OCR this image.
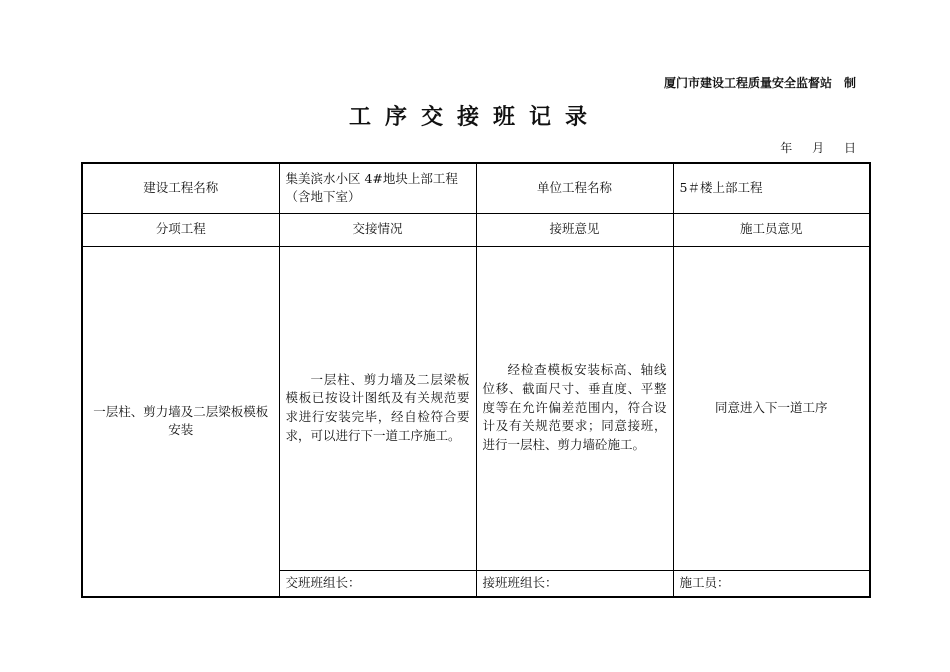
厦门市建设工程质量安全监督站　制
工序交接班记录
年 月 日
建设工程名称	集美滨水小区 4#地块上部工程（含地下室）	单位工程名称	5＃楼上部工程
分项工程	交接情况	接班意见	施工员意见
一层柱、剪力墙及二层梁板模板安装	一层柱、剪力墙及二层梁板模板已按设计图纸及有关规范要求进行安装完毕，经自检符合要求，可以进行下一道工序施工。	经检查模板安装标高、轴线位移、截面尺寸、垂直度、平整度等在允许偏差范围内，符合设计及有关规范要求；同意接班，进行一层柱、剪力墙砼施工。	同意进入下一道工序
	交班班组长：	接班班组长：	施工员：
